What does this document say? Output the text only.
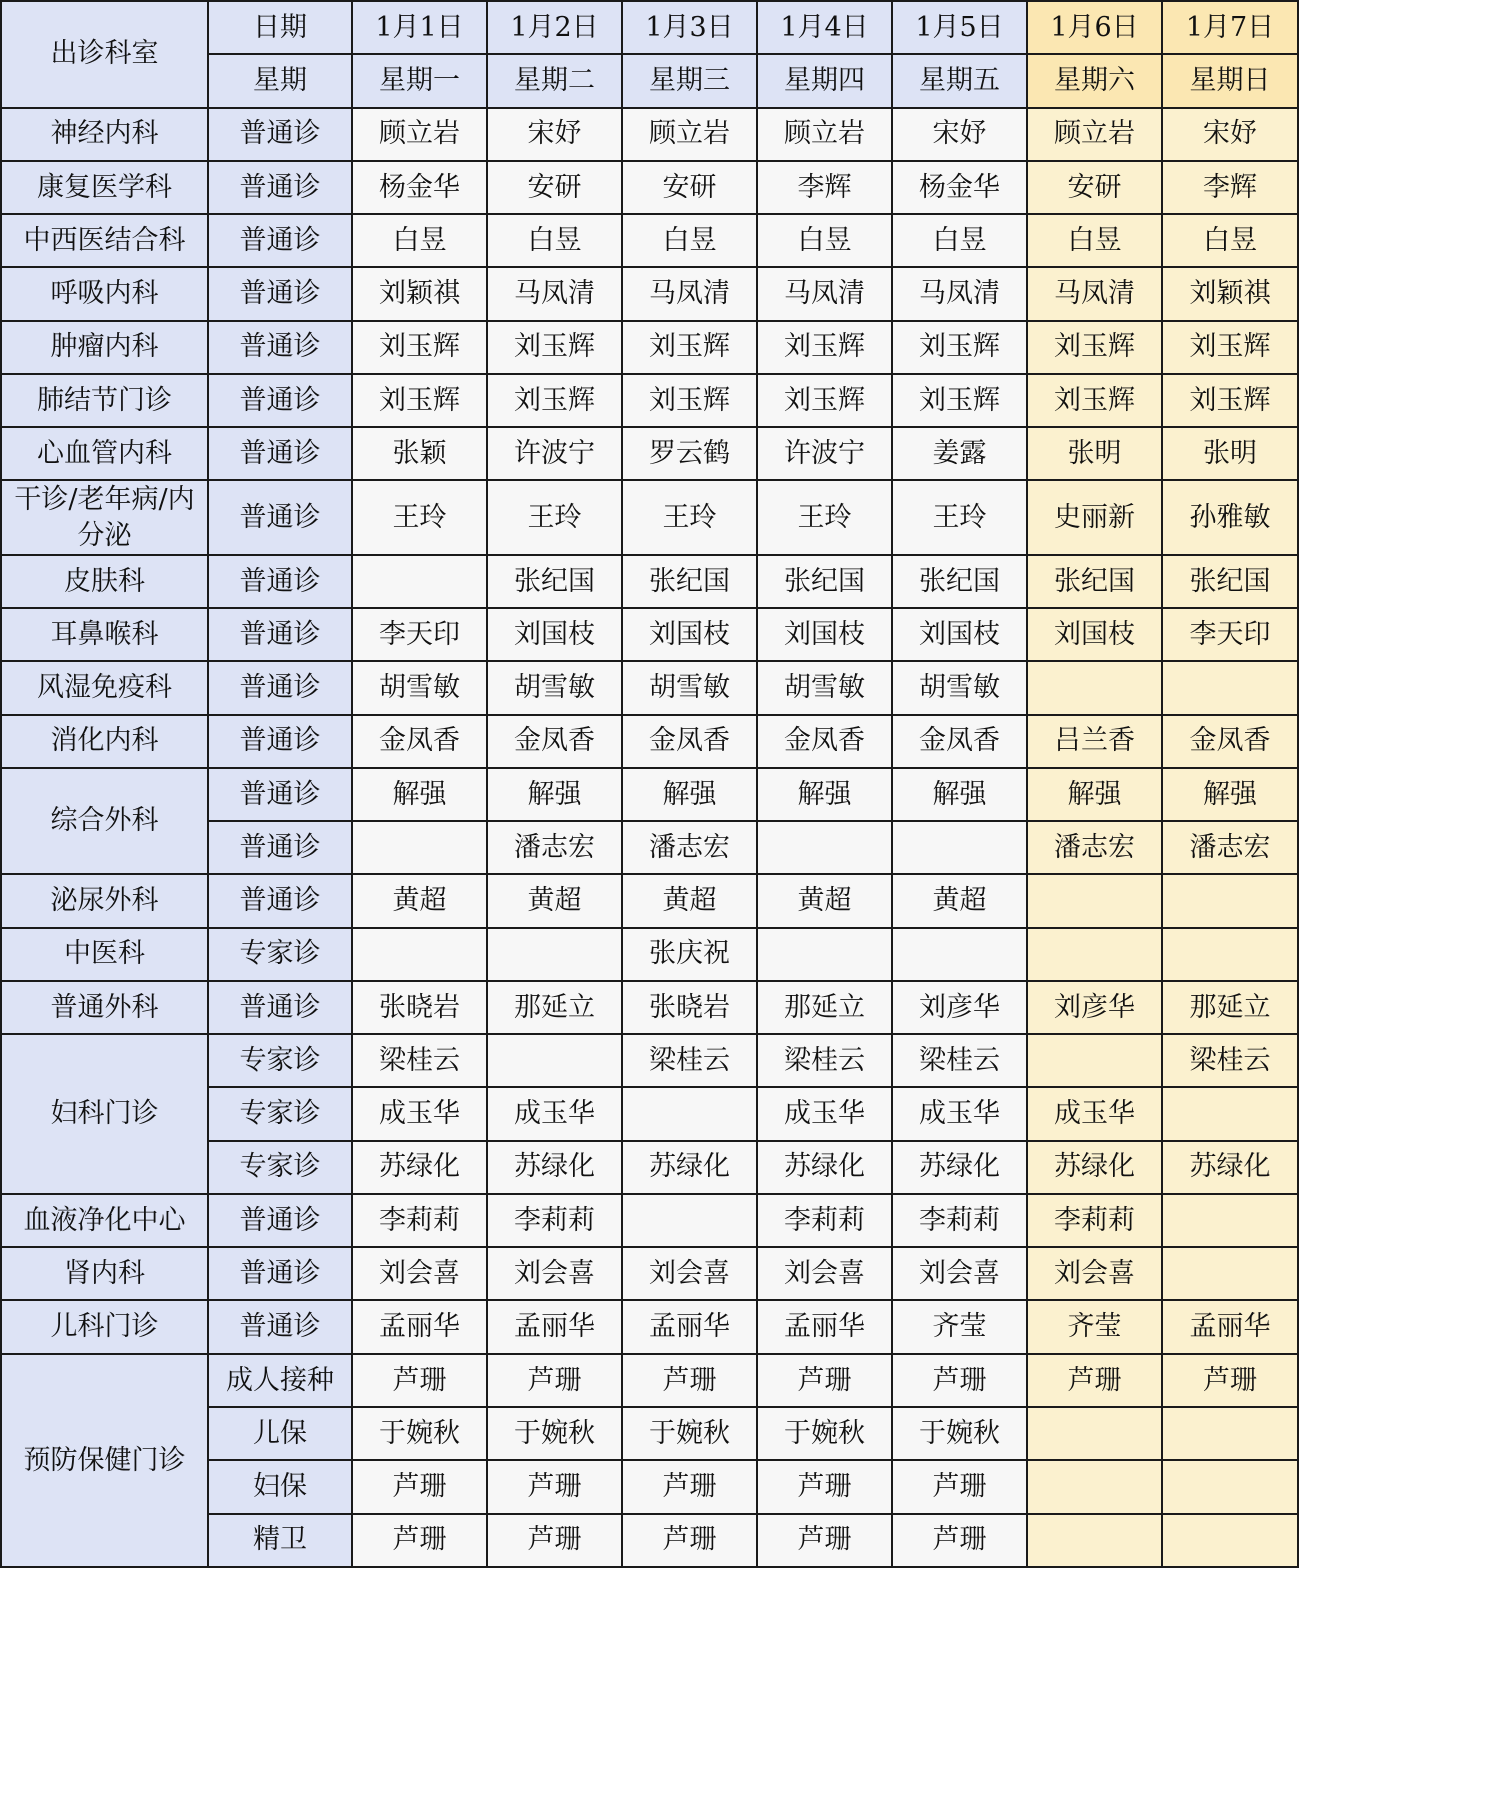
出诊科室	日期	1月1日	1月2日	1月3日	1月4日	1月5日	1月6日	1月7日
	星期	星期一	星期二	星期三	星期四	星期五	星期六	星期日
神经内科	普通诊	顾立岩	宋妤	顾立岩	顾立岩	宋妤	顾立岩	宋妤
康复医学科	普通诊	杨金华	安研	安研	李辉	杨金华	安研	李辉
中西医结合科	普通诊	白昱	白昱	白昱	白昱	白昱	白昱	白昱
呼吸内科	普通诊	刘颖祺	马凤清	马凤清	马凤清	马凤清	马凤清	刘颖祺
肿瘤内科	普通诊	刘玉辉	刘玉辉	刘玉辉	刘玉辉	刘玉辉	刘玉辉	刘玉辉
肺结节门诊	普通诊	刘玉辉	刘玉辉	刘玉辉	刘玉辉	刘玉辉	刘玉辉	刘玉辉
心血管内科	普通诊	张颖	许波宁	罗云鹤	许波宁	姜露	张明	张明
干诊/老年病/内分泌	普通诊	王玲	王玲	王玲	王玲	王玲	史丽新	孙雅敏
皮肤科	普通诊		张纪国	张纪国	张纪国	张纪国	张纪国	张纪国
耳鼻喉科	普通诊	李天印	刘国枝	刘国枝	刘国枝	刘国枝	刘国枝	李天印
风湿免疫科	普通诊	胡雪敏	胡雪敏	胡雪敏	胡雪敏	胡雪敏		
消化内科	普通诊	金凤香	金凤香	金凤香	金凤香	金凤香	吕兰香	金凤香
综合外科	普通诊	解强	解强	解强	解强	解强	解强	解强
	普通诊		潘志宏	潘志宏			潘志宏	潘志宏
泌尿外科	普通诊	黄超	黄超	黄超	黄超	黄超		
中医科	专家诊			张庆祝				
普通外科	普通诊	张晓岩	那延立	张晓岩	那延立	刘彦华	刘彦华	那延立
妇科门诊	专家诊	梁桂云		梁桂云	梁桂云	梁桂云		梁桂云
	专家诊	成玉华	成玉华		成玉华	成玉华	成玉华	
	专家诊	苏绿化	苏绿化	苏绿化	苏绿化	苏绿化	苏绿化	苏绿化
血液净化中心	普通诊	李莉莉	李莉莉		李莉莉	李莉莉	李莉莉	
肾内科	普通诊	刘会喜	刘会喜	刘会喜	刘会喜	刘会喜	刘会喜	
儿科门诊	普通诊	孟丽华	孟丽华	孟丽华	孟丽华	齐莹	齐莹	孟丽华
预防保健门诊	成人接种	芦珊	芦珊	芦珊	芦珊	芦珊	芦珊	芦珊
	儿保	于婉秋	于婉秋	于婉秋	于婉秋	于婉秋		
	妇保	芦珊	芦珊	芦珊	芦珊	芦珊		
	精卫	芦珊	芦珊	芦珊	芦珊	芦珊		
